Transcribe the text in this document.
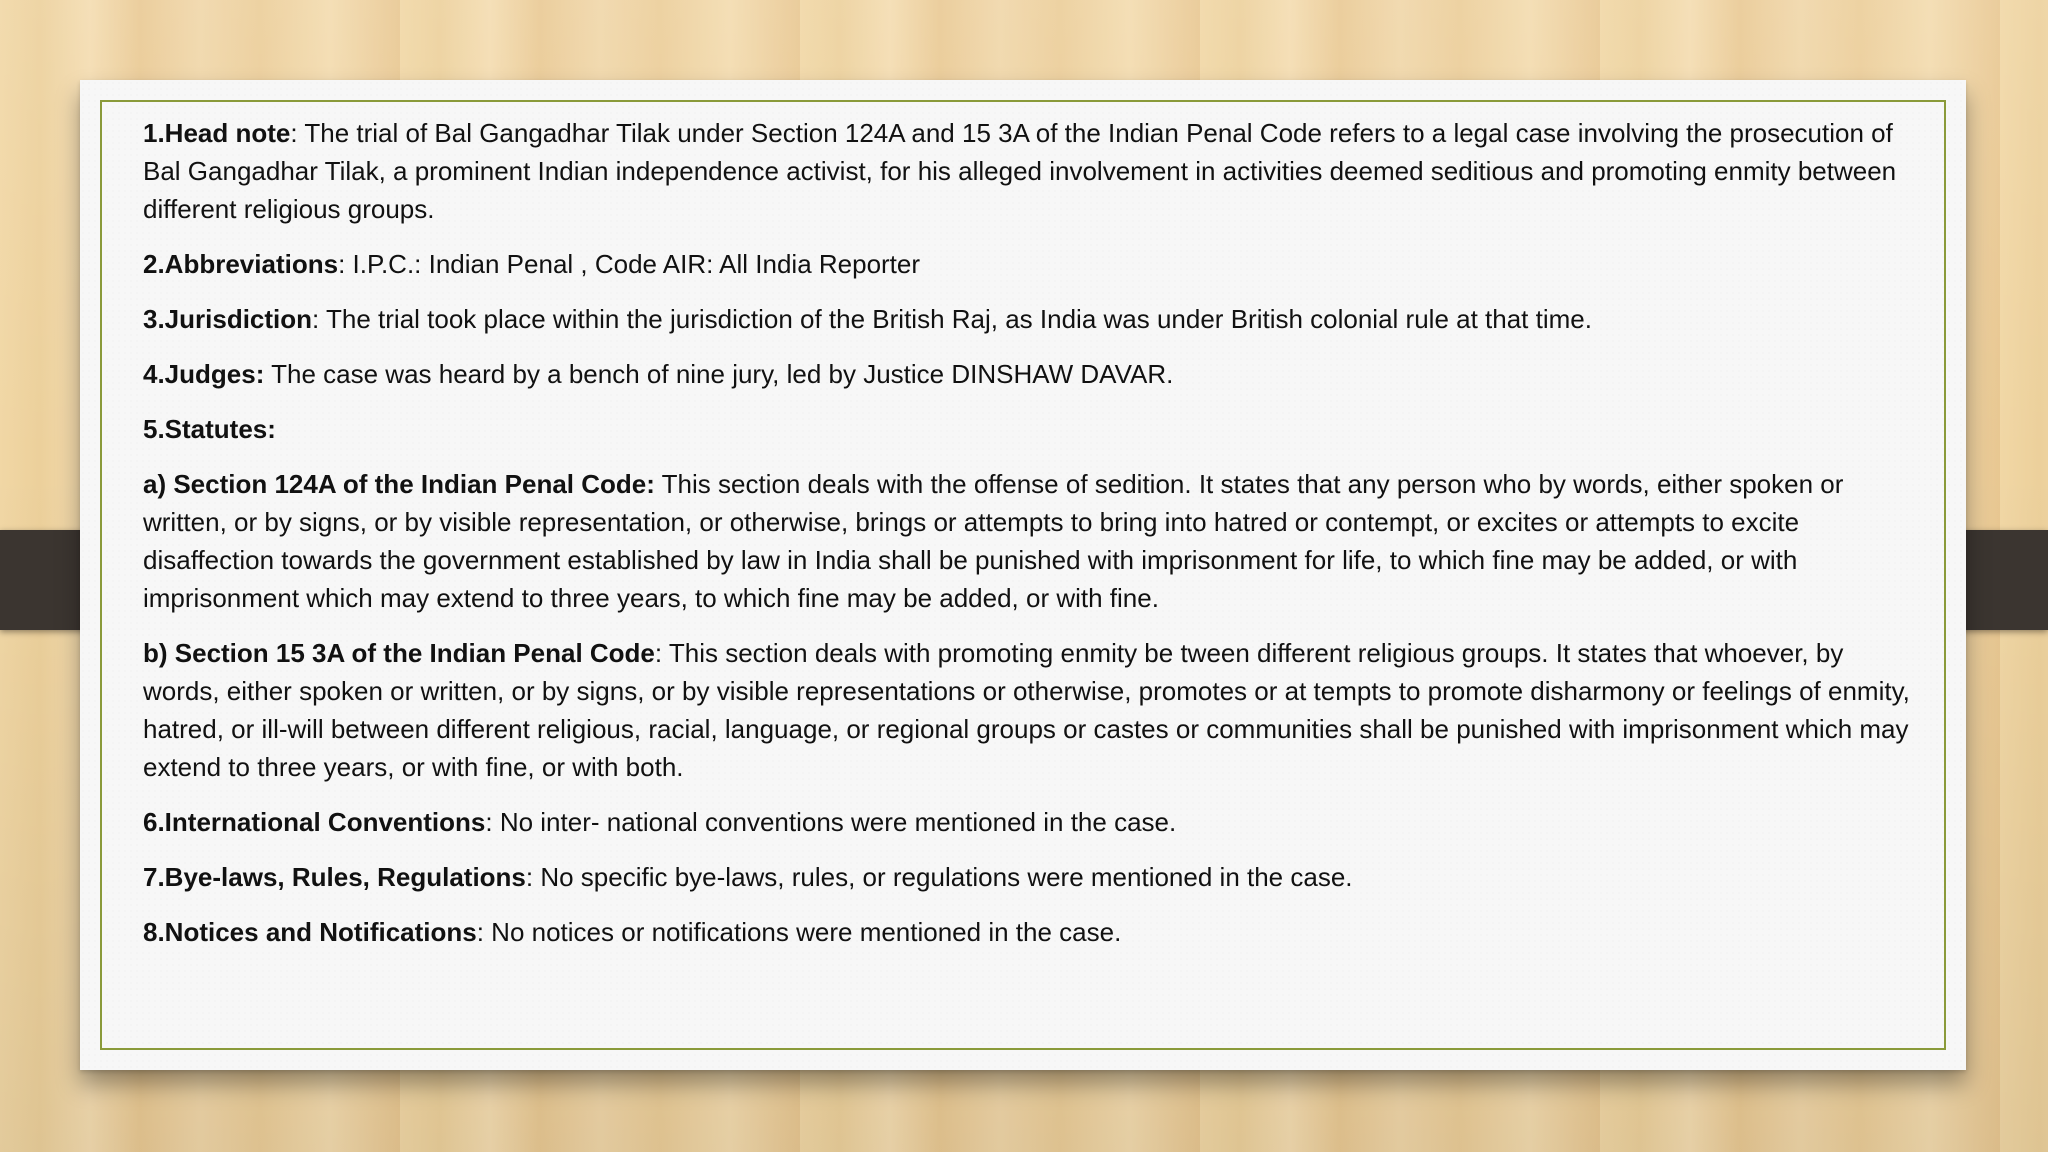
1.Head note: The trial of Bal Gangadhar Tilak under Section 124A and 15 3A of the Indian Penal Code refers to a legal case involving the prosecution of Bal Gangadhar Tilak, a prominent Indian independence activist, for his alleged involvement in activities deemed seditious and promoting enmity between different religious groups.

2.Abbreviations: I.P.C.: Indian Penal , Code AIR: All India Reporter

3.Jurisdiction: The trial took place within the jurisdiction of the British Raj, as India was under British colonial rule at that time.

4.Judges: The case was heard by a bench of nine jury, led by Justice DINSHAW DAVAR.

5.Statutes:

a) Section 124A of the Indian Penal Code: This section deals with the offense of sedition. It states that any person who by words, either spoken or written, or by signs, or by visible representation, or otherwise, brings or attempts to bring into hatred or contempt, or excites or attempts to excite disaffection towards the government established by law in India shall be punished with imprisonment for life, to which fine may be added, or with imprisonment which may extend to three years, to which fine may be added, or with fine.

b) Section 15 3A of the Indian Penal Code: This section deals with promoting enmity be tween different religious groups. It states that whoever, by words, either spoken or written, or by signs, or by visible representations or otherwise, promotes or at tempts to promote disharmony or feelings of enmity, hatred, or ill-will between different religious, racial, language, or regional groups or castes or communities shall be punished with imprisonment which may extend to three years, or with fine, or with both.

6.International Conventions: No inter- national conventions were mentioned in the case.

7.Bye-laws, Rules, Regulations: No specific bye-laws, rules, or regulations were mentioned in the case.

8.Notices and Notifications: No notices or notifications were mentioned in the case.
